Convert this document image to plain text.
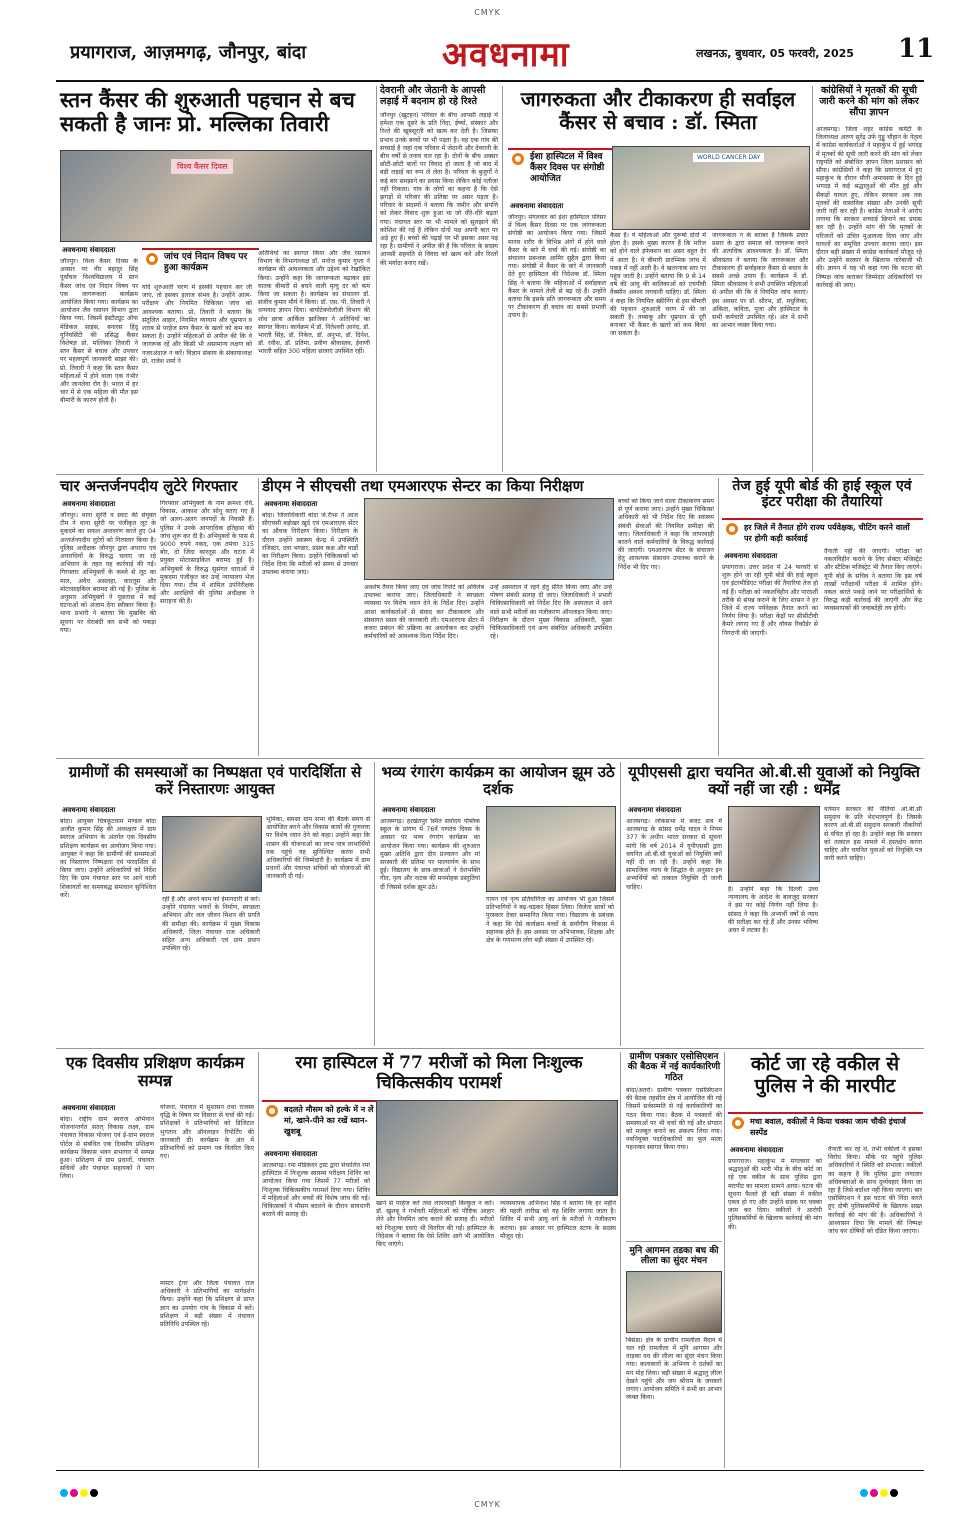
CMYK
प्रयागराज, आज़मगढ़, जौनपुर, बांदा	अवधनामा	लखनऊ, बुधवार, 05 फरवरी, 2025 11
स्तन कैंसर की शुरुआती पहचान से बच सकती है जानः प्रो. मल्लिका तिवारी
विश्व कैंसर दिवस
अवधनामा संवाददाता
जौनपुर। विश्व कैंसर दिवस के अवसर पर वीर बहादुर सिंह पूर्वांचल विश्वविद्यालय में स्तन कैंसर जांच एवं निदान विषय पर एक जागरूकता कार्यक्रम आयोजित किया गया। कार्यक्रम का आयोजन जैव रसायन विभाग द्वारा किया गया, जिसमें इंस्टीट्यूट ऑफ मेडिकल साइंस, बनारस हिंदू यूनिवर्सिटी की प्रसिद्ध कैंसर विशेषज्ञ प्रो. मल्लिका तिवारी ने स्तन कैंसर से बचाव और उपचार पर महत्वपूर्ण जानकारी साझा की। प्रो. तिवारी ने कहा कि स्तन कैंसर महिलाओं में होने वाला एक गंभीर और जानलेवा रोग है। भारत में हर चार में से एक महिला की मौत इस बीमारी के कारण होती है।
जांच एवं निदान विषय पर हुआ कार्यक्रम
यदि शुरुआती चरण में इसकी पहचान कर ली जाए, तो इसका इलाज संभव है। उन्होंने आत्म-परीक्षण और नियमित चिकित्सा जांच को आवश्यक बताया। प्रो. तिवारी ने बताया कि संतुलित आहार, नियमित व्यायाम और धूम्रपान व शराब से परहेज स्तन कैंसर के खतरे को कम कर सकता है। उन्होंने महिलाओं से अपील की कि वे जागरूक रहें और किसी भी असामान्य लक्षण को नजरअंदाज न करें। विज्ञान संकाय के संकायाध्यक्ष प्रो. राजेश शर्मा ने
अतिथियों का स्वागत किया और जैव रसायन विभाग के विभागाध्यक्ष डॉ. मनोज कुमार गुप्ता ने कार्यक्रम की आवश्यकता और उद्देश्य को रेखांकित किया। उन्होंने कहा कि जागरूकता बढ़ाकर इस घातक बीमारी से बचने वाली मृत्यु दर को कम किया जा सकता है। कार्यक्रम का संचालन डॉ. संजीव कुमार मौर्य ने किया। डॉ. एस. पी. तिवारी ने धन्यवाद ज्ञापन दिया। बायोटेक्नोलॉजी विभाग की शोध छात्रा आर्किता झाजिका ने अतिथियों का स्वागत किया। कार्यक्रम में डॉ. नितेश्वरी आनंद, डॉ. भारती सिंह, डॉ. निकेत, डॉ. अनुभा, डॉ. दिनेश, डॉ. रवीश, डॉ. प्रतिमा, प्रवीण श्रीवास्तव, ईवाणी भारती सहित 300 महिला छात्राएं उपस्थित रहीं।
देवरानी और जेठानी के आपसी लड़ाई में बदनाम हो रहे रिश्ते
जौनपुर (खुटहन) परिवार के बीच आपसी लड़ाई में हमेशा एक दूसरे के प्रति निंदा, ईर्ष्या, संस्कार और रिश्ते की खूबसूरती को खत्म कर देती है। जिसका प्रभाव उनके बच्चों पर भी पड़ता है। यह एक गांव की सच्चाई है जहां एक परिवार में जेठानी और देवरानी के बीच वर्षों से तनाव चल रहा है। दोनों के बीच अक्सर छोटी-छोटी बातों पर विवाद हो जाता है जो बाद में बड़ी लड़ाई का रूप ले लेता है। परिवार के बुजुर्गों ने कई बार समझाने का प्रयास किया लेकिन कोई नतीजा नहीं निकला। गांव के लोगों का कहना है कि ऐसे झगड़ों से परिवार की प्रतिष्ठा पर असर पड़ता है। परिवार के सदस्यों ने बताया कि जमीन और संपत्ति को लेकर विवाद शुरू हुआ था जो धीरे-धीरे बढ़ता गया। पंचायत स्तर पर भी मामले को सुलझाने की कोशिश की गई है लेकिन दोनों पक्ष अपनी बात पर अड़े हुए हैं। बच्चों की पढ़ाई पर भी इसका असर पड़ रहा है। ग्रामीणों ने अपील की है कि परिवार के सदस्य आपसी सहमति से विवाद को खत्म करें और रिश्तों की मर्यादा बनाए रखें।
जागरुकता और टीकाकरण ही सर्वाइल कैंसर से बचाव : डॉ. स्मिता
ईशा हास्पिटल में विश्व कैंसर दिवस पर संगोष्ठी आयोजित
WORLD CANCER DAY
अवधनामा संवाददाता
जौनपुर। मंगलवार को ईशा हास्पिटल परिसर में विश्व कैंसर दिवस पर एक जागरूकता संगोष्ठी का आयोजन किया गया। जिसमें मानव शरीर के विभिन्न अंगों में होने वाले कैंसर के बारे में चर्चा की गई। संगोष्ठी का संचालन प्रबन्धक आमिर सुहैल द्वारा किया गया। संगोष्ठी में कैंसर के बारे में जानकारी देते हुए हास्पिटल की निदेशक डॉ. स्मिता सिंह ने बताया कि महिलाओं में सर्वाइकल कैंसर के मामले तेजी से बढ़ रहे हैं। उन्होंने बताया कि इसके प्रति जागरूकता और समय पर टीकाकरण ही बचाव का सबसे प्रभावी उपाय है।
कैसा है। ये महिलाओं और पुरूषों दोनों में होता है। इसके मुख्य कारण हैं कि मरीज को होने वाले इंफेक्शन का असर बहुत देर में आता है। ये बीमारी प्रारम्भिक जांच में पकड़ में नहीं आती है। ये खतरनाक स्तर पर पहुंच जाती है। उन्होंने बताया कि 9 से 14 वर्ष की आयु की बालिकाओं को एचपीवी वैक्सीन अवश्य लगवानी चाहिए। डॉ. स्मिता ने कहा कि नियमित स्क्रीनिंग से इस बीमारी की पहचान शुरुआती चरण में की जा सकती है। तम्बाकू और धूम्रपान से दूरी बनाकर भी कैंसर के खतरे को कम किया जा सकता है।
जागरूकता न के बराबर है जिसके प्रचार प्रसार के द्वारा समाज को जागरूक करने की अत्यधिक आवश्यकता है। डॉ. स्मिता श्रीवास्तव ने बताया कि जागरूकता और टीकाकरण ही सर्वाइकल कैंसर से बचाव के सबसे अच्छे उपाय हैं। कार्यक्रम में डॉ. स्मिता श्रीवास्तव ने सभी उपस्थित महिलाओं से अपील की कि वे नियमित जांच कराएं। इस अवसर पर डॉ. सौरभ, डॉ. मधुलिका, अंकिता, कविता, पूजा और हास्पिटल के सभी कर्मचारी उपस्थित रहे। अंत में सभी का आभार व्यक्त किया गया।
कांग्रेसियों ने मृतकों की सूची जारी करने की मांग को लेकर सौंपा ज्ञापन
आजमगढ़। जिला शहर कांग्रेस कमेटी के जिलाध्यक्ष अरुण सुरेंद्र उर्फ गुड्डू चौहान के नेतृत्व में कांग्रेस कार्यकर्ताओं ने महाकुंभ में हुई भगदड़ में मृतकों की सूची जारी करने की मांग को लेकर राष्ट्रपति को संबोधित ज्ञापन जिला प्रशासन को सौंपा। कांग्रेसियों ने कहा कि प्रयागराज में हुए महाकुंभ के दौरान मौनी अमावस्या के दिन हुई भगदड़ में कई श्रद्धालुओं की मौत हुई और सैकड़ों घायल हुए, लेकिन सरकार अब तक मृतकों की वास्तविक संख्या और उनकी सूची जारी नहीं कर रही है। कांग्रेस नेताओं ने आरोप लगाया कि सरकार सच्चाई छिपाने का प्रयास कर रही है। उन्होंने मांग की कि मृतकों के परिजनों को उचित मुआवजा दिया जाए और घायलों का समुचित उपचार कराया जाए। इस दौरान बड़ी संख्या में कांग्रेस कार्यकर्ता मौजूद रहे और उन्होंने सरकार के खिलाफ नारेबाजी भी की। ज्ञापन में यह भी कहा गया कि घटना की निष्पक्ष जांच कराकर जिम्मेदार अधिकारियों पर कार्रवाई की जाए।
चार अन्तर्जनपदीय लुटेरे गिरफ्तार
अवधनामा संवाददाता
जौनपुर। थाना सुरेरी व स्वाट की संयुक्त टीम ने थाना सुरेरी पर पंजीकृत लूट के मुकदमे का सफल अनावरण करते हुए 04 अन्तर्जनपदीय लुटेरों को गिरफ्तार किया है। पुलिस अधीक्षक जौनपुर द्वारा अपराध एवं अपराधियों के विरुद्ध चलाए जा रहे अभियान के तहत यह कार्रवाई की गई। गिरफ्तार अभियुक्तों के कब्जे से लूट का माल, अवैध असलहा, कारतूस और मोटरसाइकिल बरामद की गई है। पुलिस के अनुसार अभियुक्तों ने पूछताछ में कई घटनाओं को अंजाम देना स्वीकार किया है। थाना प्रभारी ने बताया कि मुखबिर की सूचना पर घेराबंदी कर सभी को पकड़ा गया।
गिरफ्तार अभियुक्तों के नाम क्रमशः रवि, विकास, आकाश और सोनू बताए गए हैं जो अलग-अलग जनपदों के निवासी हैं। पुलिस ने उनके आपराधिक इतिहास की जांच शुरू कर दी है। अभियुक्तों के पास से 9000 रुपये नकद, एक तमंचा 315 बोर, दो जिंदा कारतूस और घटना में प्रयुक्त मोटरसाइकिल बरामद हुई है। अभियुक्तों के विरुद्ध सुसंगत धाराओं में मुकदमा पंजीकृत कर उन्हें न्यायालय भेज दिया गया। टीम में शामिल उपनिरीक्षक और आरक्षियों की पुलिस अधीक्षक ने सराहना की है।
डीएम ने सीएचसी तथा एमआरएफ सेन्टर का किया निरीक्षण
अवधनामा संवाददाता
बांदा। जिलाधिकारी बांदा जे.रीभा ने आज सीएचसी बड़ोखर खुर्द एवं एमआरएफ सेंटर का औचक निरीक्षण किया। निरीक्षण के दौरान उन्होंने स्वास्थ्य केन्द्र में उपस्थिति रजिस्टर, दवा भण्डार, प्रसव कक्ष और वार्डों का निरीक्षण किया। उन्होंने चिकित्सकों को निर्देश दिया कि मरीजों को समय से उपचार उपलब्ध कराया जाए।
अवशेष तैयार किया जाए एवं जांच रिपोर्ट को अविलंब उपलब्ध कराया जाए। जिलाधिकारी ने स्वच्छता व्यवस्था पर विशेष ध्यान देने के निर्देश दिए। उन्होंने आशा कार्यकर्ताओं से संवाद कर टीकाकरण और संस्थागत प्रसव की जानकारी ली। एमआरएफ सेंटर में कचरा प्रबंधन की प्रक्रिया का अवलोकन कर उन्होंने कर्मचारियों को आवश्यक दिशा निर्देश दिए।
उन्हें अस्पताल में रहने हेतु प्रेरित किया जाए और उन्हें पोषण संबंधी सलाह दी जाए। जिलाधिकारी ने प्रभारी चिकित्साधिकारी को निर्देश दिए कि अस्पताल में आने वाले सभी मरीजों का पंजीकरण ऑनलाइन किया जाए। निरीक्षण के दौरान मुख्य विकास अधिकारी, मुख्य चिकित्साधिकारी एवं अन्य संबंधित अधिकारी उपस्थित रहे।
बच्चों को किया जाने वाला टीकाकरण समय से पूर्ण कराया जाए। उन्होंने मुख्य चिकित्सा अधिकारी को भी निर्देश दिए कि स्वास्थ्य संबंधी सेवाओं की नियमित समीक्षा की जाए। जिलाधिकारी ने कहा कि लापरवाही बरतने वाले कर्मचारियों के विरुद्ध कार्रवाई की जाएगी। एमआरएफ सेंटर के संचालन हेतु आवश्यक संसाधन उपलब्ध कराने के निर्देश भी दिए गए।
तेज हुई यूपी बोर्ड की हाई स्कूल एवं इंटर परीक्षा की तैयारियां
हर जिले में तैनात होंगे राज्य पर्यवेक्षक, चीटिंग करने वालों पर होगी कड़ी कार्रवाई
अवधनामा संवाददाता
प्रयागराज। उत्तर प्रदेश में 24 फरवरी से शुरू होने जा रही यूपी बोर्ड की हाई स्कूल एवं इंटरमीडिएट परीक्षा की तैयारियां तेज हो गई हैं। परीक्षा को नकलविहीन और पारदर्शी तरीके से संपन्न कराने के लिए शासन ने हर जिले में राज्य पर्यवेक्षक तैनात करने का निर्णय लिया है। परीक्षा केंद्रों पर सीसीटीवी कैमरे लगाए गए हैं और वॉयस रिकॉर्डर से निगरानी की जाएगी।
तैनाती नहीं की जाएगी। परीक्षा को नकलविहीन कराने के लिए सेक्टर मजिस्ट्रेट और स्टैटिक मजिस्ट्रेट भी तैनात किए जाएंगे। यूपी बोर्ड के सचिव ने बताया कि इस वर्ष लाखों परीक्षार्थी परीक्षा में शामिल होंगे। नकल करते पकड़े जाने पर परीक्षार्थियों के विरुद्ध कड़ी कार्रवाई की जाएगी और केंद्र व्यवस्थापकों की जवाबदेही तय होगी।
ग्रामीणों की समस्याओं का निष्पक्षता एवं पारदिर्शिता से करें निस्तारणः आयुक्त
अवधनामा संवाददाता
बांदा। आयुक्त चित्रकूटधाम मण्डल बांदा अजीत कुमार सिंह की अध्यक्षता में ग्राम स्वराज अभियान के अंतर्गत एक दिवसीय प्रशिक्षण कार्यक्रम का आयोजन किया गया। आयुक्त ने कहा कि ग्रामीणों की समस्याओं का निस्तारण निष्पक्षता एवं पारदर्शिता से किया जाए। उन्होंने अधिकारियों को निर्देश दिए कि ग्राम पंचायत स्तर पर आने वाली शिकायतों का समयबद्ध समाधान सुनिश्चित करें।
रही है और अपने काम को ईमानदारी से करें। उन्होंने पंचायत भवनों के निर्माण, स्वच्छता अभियान और जल जीवन मिशन की प्रगति की समीक्षा की। कार्यक्रम में मुख्य विकास अधिकारी, जिला पंचायत राज अधिकारी सहित अन्य अधिकारी एवं ग्राम प्रधान उपस्थित रहे।
भूमिका, समस्त ग्राम सभा की बैठकें समय से आयोजित करने और विकास कार्यों की गुणवत्ता पर विशेष ध्यान देने को कहा। उन्होंने कहा कि शासन की योजनाओं का लाभ पात्र लाभार्थियों तक पहुंचे यह सुनिश्चित करना सभी अधिकारियों की जिम्मेदारी है। कार्यक्रम में ग्राम प्रधानों और पंचायत सचिवों को योजनाओं की जानकारी दी गई।
भव्य रंगारंग कार्यक्रम का आयोजन झूम उठे दर्शक
अवधनामा संवाददाता
आजमगढ़। हरखेतपुर स्थित सर्वोदय पब्लिक स्कूल के प्रांगण में 76वें गणतंत्र दिवस के अवसर पर भव्य रंगारंग कार्यक्रम का आयोजन किया गया। कार्यक्रम की शुरुआत मुख्य अतिथि द्वारा दीप प्रज्वलन और मां सरस्वती की प्रतिमा पर माल्यार्पण के साथ हुई। विद्यालय के छात्र-छात्राओं ने देशभक्ति गीत, नृत्य और नाटक की मनमोहक प्रस्तुतियां दीं जिससे दर्शक झूम उठे।
गायन एवं नृत्य प्रतियोगिता का आयोजन भी हुआ जिसमें प्रतिभागियों ने बढ़-चढ़कर हिस्सा लिया। विजेता छात्रों को पुरस्कार देकर सम्मानित किया गया। विद्यालय के प्रबंधक ने कहा कि ऐसे कार्यक्रम बच्चों के सर्वांगीण विकास में सहायक होते हैं। इस अवसर पर अभिभावक, शिक्षक और क्षेत्र के गणमान्य लोग बड़ी संख्या में उपस्थित रहे।
यूपीएससी द्वारा चयनित ओ.बी.सी युवाओं को नियुक्ति क्यों नहीं जा रही : धर्मेंद्र
अवधनामा संवाददाता
आजमगढ़। लोकसभा में बजट सत्र में आजमगढ़ के सांसद धर्मेंद्र यादव ने नियम 377 के अधीन भारत सरकार से सूचना मांगी कि वर्ष 2014 में यूपीएससी द्वारा चयनित ओ.बी.सी युवाओं को नियुक्ति क्यों नहीं दी जा रही है। उन्होंने कहा कि सामाजिक न्याय के सिद्धांत के अनुसार इन अभ्यर्थियों को तत्काल नियुक्ति दी जानी चाहिए।	है। उन्होंने कहा कि दिल्ली उच्च न्यायालय के आदेश के बावजूद सरकार ने इस पर कोई निर्णय नहीं लिया है। सांसद ने कहा कि अभ्यर्थी वर्षों से न्याय की प्रतीक्षा कर रहे हैं और उनका भविष्य अधर में लटका है।
वर्तमान सरकार की नीतियां ओ.बी.सी समुदाय के प्रति भेदभावपूर्ण हैं। जिसके कारण ओ.बी.सी समुदाय सरकारी नौकरियों से वंचित हो रहा है। उन्होंने कहा कि सरकार को तत्काल इस मामले में हस्तक्षेप करना चाहिए और चयनित युवाओं को नियुक्ति पत्र जारी करने चाहिए।
एक दिवसीय प्रशिक्षण कार्यक्रम सम्पन्न
अवधनामा संवाददाता
बांदा। राष्ट्रीय ग्राम स्वराज अभियान योजनान्तर्गत सतत् विकास लक्ष्य, ग्राम पंचायत विकास योजना एवं ई-ग्राम स्वराज पोर्टल से संबंधित एक दिवसीय प्रशिक्षण कार्यक्रम विकास भवन सभागार में सम्पन्न हुआ। प्रशिक्षण में ग्राम प्रधानों, पंचायत सचिवों और पंचायत सहायकों ने भाग लिया।
योजना, पंचायत में सुशासन तथा राजस्व वृद्धि के विषय पर विस्तार से चर्चा की गई। प्रशिक्षकों ने प्रतिभागियों को डिजिटल भुगतान और ऑनलाइन रिपोर्टिंग की जानकारी दी। कार्यक्रम के अंत में प्रतिभागियों को प्रमाण पत्र वितरित किए गए।
मास्टर ट्रेनर और जिला पंचायत राज अधिकारी ने प्रतिभागियों का मार्गदर्शन किया। उन्होंने कहा कि प्रशिक्षण से प्राप्त ज्ञान का उपयोग गांव के विकास में करें। प्रशिक्षण में बड़ी संख्या में पंचायत प्रतिनिधि उपस्थित रहे।
रमा हास्पिटल में 77 मरीजों को मिला निःशुल्क चिकित्सकीय परामर्श
बदलते मौसम को हल्के में न लें मां, खाने-पीने का रखें ध्यान-खुशबू
अवधनामा संवाददाता
आजमगढ़। रमा मेडिकेयर ट्रस्ट द्वारा संचालित रमा हास्पिटल में निःशुल्क स्वास्थ्य परीक्षण शिविर का आयोजन किया गया जिसमें 77 मरीजों को निःशुल्क चिकित्सकीय परामर्श दिया गया। शिविर में महिलाओं और बच्चों की विशेष जांच की गई। चिकित्सकों ने मौसम बदलने के दौरान सावधानी बरतने की सलाह दी।
खाने से परहेज करें तथा लापरवाही बिल्कुल न करें। डॉ. खुशबू ने गर्भवती महिलाओं को पौष्टिक आहार लेने और नियमित जांच कराने की सलाह दी। मरीजों को निःशुल्क दवाएं भी वितरित की गईं। हास्पिटल के निदेशक ने बताया कि ऐसे शिविर आगे भी आयोजित किए जाएंगे।
व्यवस्थापक अभिनाश सिंह ने बताया कि हर महीने की पहली तारीख को यह शिविर लगाया जाता है। शिविर में सभी आयु वर्ग के मरीजों ने पंजीकरण कराया। इस अवसर पर हास्पिटल स्टाफ के सदस्य मौजूद रहे।
ग्रामीण पत्रकार एसोसिएशन की बैठक में नई कार्यकारिणी गठित
बांदा/अतर्रा। ग्रामीण पत्रकार एसोसिएशन की बैठक तहसील क्षेत्र में आयोजित की गई जिसमें सर्वसम्मति से नई कार्यकारिणी का गठन किया गया। बैठक में पत्रकारों की समस्याओं पर भी चर्चा की गई और संगठन को मजबूत बनाने का संकल्प लिया गया। नवनियुक्त पदाधिकारियों का फूल माला पहनाकर स्वागत किया गया।
मुनि आगमन तडका बध की लीला का सुंदर मंचन
बिसंडा। क्षेत्र के प्राचीन रामलीला मैदान में चल रही रामलीला में मुनि आगमन और ताड़का वध की लीला का सुंदर मंचन किया गया। कलाकारों के अभिनय ने दर्शकों का मन मोह लिया। बड़ी संख्या में श्रद्धालु लीला देखने पहुंचे और जय श्रीराम के जयकारे लगाए। आयोजन समिति ने सभी का आभार व्यक्त किया।
कोर्ट जा रहे वकील से पुलिस ने की मारपीट
मचा बवाल, वकीलों ने किया चक्का जाम चौकी इंचार्ज सस्पेंड
अवधनामा संवाददाता
प्रयागराज। महाकुंभ में मंगलवार को श्रद्धालुओं की भारी भीड़ के बीच कोर्ट जा रहे एक वकील के साथ पुलिस द्वारा मारपीट का मामला सामने आया। घटना की सूचना फैलते ही बड़ी संख्या में वकील एकत्र हो गए और उन्होंने सड़क पर चक्का जाम कर दिया। वकीलों ने आरोपी पुलिसकर्मियों के खिलाफ कार्रवाई की मांग की।
तैनाती कर रहे थे, तभी वकीलों ने इसका विरोध किया। मौके पर पहुंचे पुलिस अधिकारियों ने स्थिति को संभाला। वकीलों का कहना है कि पुलिस द्वारा लगातार अधिवक्ताओं के साथ दुर्व्यवहार किया जा रहा है जिसे बर्दाश्त नहीं किया जाएगा। बार एसोसिएशन ने इस घटना की निंदा करते हुए दोषी पुलिसकर्मियों के खिलाफ सख्त कार्रवाई की मांग की है। अधिकारियों ने आश्वासन दिया कि मामले की निष्पक्ष जांच कर दोषियों को दंडित किया जाएगा।
CMYK
